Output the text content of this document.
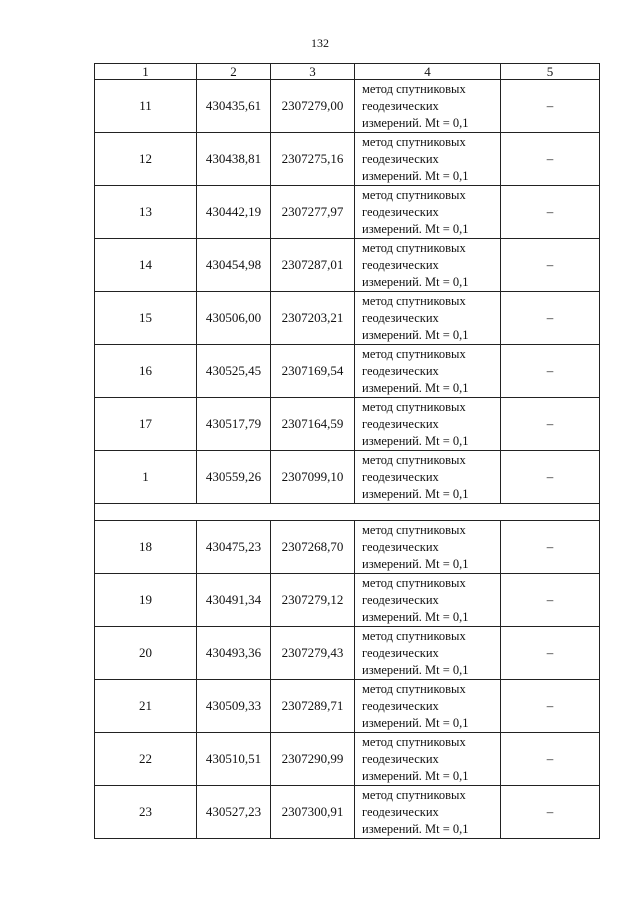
132
1	2	3	4	5
11	430435,61	2307279,00	метод спутниковых
геодезических
измерений. Mt = 0,1	–
12	430438,81	2307275,16	метод спутниковых
геодезических
измерений. Mt = 0,1	–
13	430442,19	2307277,97	метод спутниковых
геодезических
измерений. Mt = 0,1	–
14	430454,98	2307287,01	метод спутниковых
геодезических
измерений. Mt = 0,1	–
15	430506,00	2307203,21	метод спутниковых
геодезических
измерений. Mt = 0,1	–
16	430525,45	2307169,54	метод спутниковых
геодезических
измерений. Mt = 0,1	–
17	430517,79	2307164,59	метод спутниковых
геодезических
измерений. Mt = 0,1	–
1	430559,26	2307099,10	метод спутниковых
геодезических
измерений. Mt = 0,1	–

18	430475,23	2307268,70	метод спутниковых
геодезических
измерений. Mt = 0,1	–
19	430491,34	2307279,12	метод спутниковых
геодезических
измерений. Mt = 0,1	–
20	430493,36	2307279,43	метод спутниковых
геодезических
измерений. Mt = 0,1	–
21	430509,33	2307289,71	метод спутниковых
геодезических
измерений. Mt = 0,1	–
22	430510,51	2307290,99	метод спутниковых
геодезических
измерений. Mt = 0,1	–
23	430527,23	2307300,91	метод спутниковых
геодезических
измерений. Mt = 0,1	–
